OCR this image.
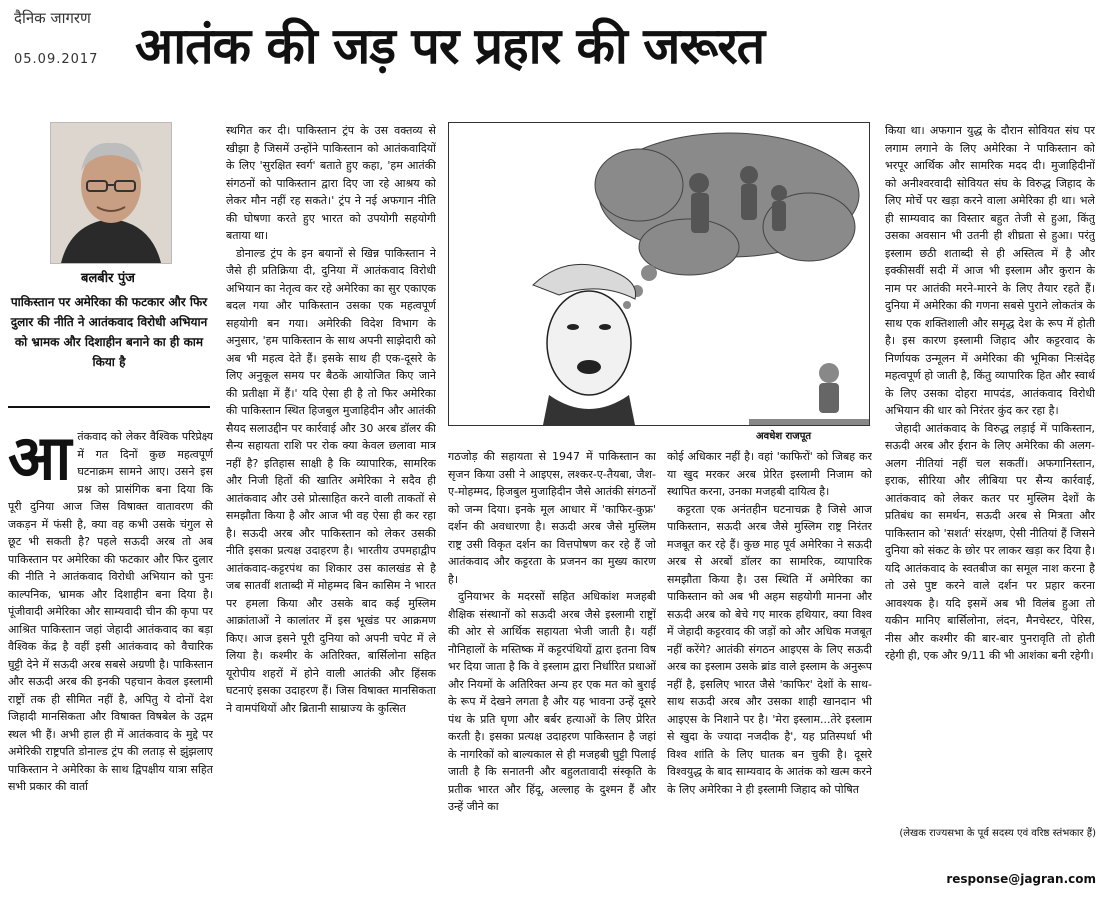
दैनिक जागरण
05.09.2017 आतंक की जड़ पर प्रहार की जरूरत
बलबीर पुंज
पाकिस्तान पर अमेरिका की फटकार और फिर दुलार की नीति ने आतंकवाद विरोधी अभियान को भ्रामक और दिशाहीन बनाने का ही काम किया है
आ तंकवाद को लेकर वैश्विक परिप्रेक्ष्य में गत दिनों कुछ महत्वपूर्ण घटनाक्रम सामने आए। उसने इस प्रश्न को प्रासंगिक बना दिया कि पूरी दुनिया आज जिस विषाक्त वातावरण की जकड़न में फंसी है, क्या वह कभी उसके चंगुल से छूट भी सकती है? पहले सऊदी अरब तो अब पाकिस्तान पर अमेरिका की फटकार और फिर दुलार की नीति ने आतंकवाद विरोधी अभियान को पुनः काल्पनिक, भ्रामक और दिशाहीन बना दिया है। पूंजीवादी अमेरिका और साम्यवादी चीन की कृपा पर आश्रित पाकिस्तान जहां जेहादी आतंकवाद का बड़ा वैश्विक केंद्र है वहीं इसी आतंकवाद को वैचारिक घुट्टी देने में सऊदी अरब सबसे अग्रणी है। पाकिस्तान और सऊदी अरब की इनकी पहचान केवल इस्लामी राष्ट्रों तक ही सीमित नहीं है, अपितु ये दोनों देश जिहादी मानसिकता और विषाक्त विषबेल के उद्गम स्थल भी हैं। अभी हाल ही में आतंकवाद के मुद्दे पर अमेरिकी राष्ट्रपति डोनाल्ड ट्रंप की लताड़ से झुंझलाए पाकिस्तान ने अमेरिका के साथ द्विपक्षीय यात्रा सहित सभी प्रकार की वार्ता

स्थगित कर दी। पाकिस्तान ट्रंप के उस वक्तव्य से खीझा है जिसमें उन्होंने पाकिस्तान को आतंकवादियों के लिए 'सुरक्षित स्वर्ग' बताते हुए कहा, 'हम आतंकी संगठनों को पाकिस्तान द्वारा दिए जा रहे आश्रय को लेकर मौन नहीं रह सकते।' ट्रंप ने नई अफगान नीति की घोषणा करते हुए भारत को उपयोगी सहयोगी बताया था।

डोनाल्ड ट्रंप के इन बयानों से खिन्न पाकिस्तान ने जैसे ही प्रतिक्रिया दी, दुनिया में आतंकवाद विरोधी अभियान का नेतृत्व कर रहे अमेरिका का सुर एकाएक बदल गया और पाकिस्तान उसका एक महत्वपूर्ण सहयोगी बन गया। अमेरिकी विदेश विभाग के अनुसार, 'हम पाकिस्तान के साथ अपनी साझेदारी को अब भी महत्व देते हैं। इसके साथ ही एक-दूसरे के लिए अनुकूल समय पर बैठकें आयोजित किए जाने की प्रतीक्षा में हैं।' यदि ऐसा ही है तो फिर अमेरिका की पाकिस्तान स्थित हिजबुल मुजाहिदीन और आतंकी सैयद सलाउद्दीन पर कार्रवाई और 30 अरब डॉलर की सैन्य सहायता राशि पर रोक क्या केवल छलावा मात्र नहीं है? इतिहास साक्षी है कि व्यापारिक, सामरिक और निजी हितों की खातिर अमेरिका ने सदैव ही आतंकवाद और उसे प्रोत्साहित करने वाली ताकतों से समझौता किया है और आज भी वह ऐसा ही कर रहा है। सऊदी अरब और पाकिस्तान को लेकर उसकी नीति इसका प्रत्यक्ष उदाहरण है। भारतीय उपमहाद्वीप आतंकवाद-कट्टरपंथ का शिकार उस कालखंड से है जब सातवीं शताब्दी में मोहम्मद बिन कासिम ने भारत पर हमला किया और उसके बाद कई मुस्लिम आक्रांताओं ने कालांतर में इस भूखंड पर आक्रमण किए। आज इसने पूरी दुनिया को अपनी चपेट में ले लिया है। कश्मीर के अतिरिक्त, बार्सिलोना सहित यूरोपीय शहरों में होने वाली आतंकी और हिंसक घटनाएं इसका उदाहरण हैं। जिस विषाक्त मानसिकता ने वामपंथियों और ब्रितानी साम्राज्य के कुत्सित

अवधेश राजपूत

गठजोड़ की सहायता से 1947 में पाकिस्तान का सृजन किया उसी ने आइएस, लश्कर-ए-तैयबा, जैश-ए-मोहम्मद, हिजबुल मुजाहिदीन जैसे आतंकी संगठनों को जन्म दिया। इनके मूल आधार में 'काफिर-कुफ्र' दर्शन की अवधारणा है। सऊदी अरब जैसे मुस्लिम राष्ट्र उसी विकृत दर्शन का वित्तपोषण कर रहे हैं जो आतंकवाद और कट्टरता के प्रजनन का मुख्य कारण है।

दुनियाभर के मदरसों सहित अधिकांश मजहबी शैक्षिक संस्थानों को सऊदी अरब जैसे इस्लामी राष्ट्रों की ओर से आर्थिक सहायता भेजी जाती है। यहीं नौनिहालों के मस्तिष्क में कट्टरपंथियों द्वारा इतना विष भर दिया जाता है कि वे इस्लाम द्वारा निर्धारित प्रथाओं और नियमों के अतिरिक्त अन्य हर एक मत को बुराई के रूप में देखने लगता है और यह भावना उन्हें दूसरे पंथ के प्रति घृणा और बर्बर हत्याओं के लिए प्रेरित करती है। इसका प्रत्यक्ष उदाहरण पाकिस्तान है जहां के नागरिकों को बाल्यकाल से ही मजहबी घुट्टी पिलाई जाती है कि सनातनी और बहुलतावादी संस्कृति के प्रतीक भारत और हिंदू, अल्लाह के दुश्मन हैं और उन्हें जीने का

कोई अधिकार नहीं है। वहां 'काफिरों' को जिबह कर या खुद मरकर अरब प्रेरित इस्लामी निजाम को स्थापित करना, उनका मजहबी दायित्व है।

कट्टरता एक अनंतहीन घटनाचक्र है जिसे आज पाकिस्तान, सऊदी अरब जैसे मुस्लिम राष्ट्र निरंतर मजबूत कर रहे हैं। कुछ माह पूर्व अमेरिका ने सऊदी अरब से अरबों डॉलर का सामरिक, व्यापारिक समझौता किया है। उस स्थिति में अमेरिका का पाकिस्तान को अब भी अहम सहयोगी मानना और सऊदी अरब को बेचे गए मारक हथियार, क्या विश्व में जेहादी कट्टरवाद की जड़ों को और अधिक मजबूत नहीं करेंगे? आतंकी संगठन आइएस के लिए सऊदी अरब का इस्लाम उसके ब्रांड वाले इस्लाम के अनुरूप नहीं है, इसलिए भारत जैसे 'काफिर' देशों के साथ-साथ सऊदी अरब और उसका शाही खानदान भी आइएस के निशाने पर है। 'मेरा इस्लाम...तेरे इस्लाम से खुदा के ज्यादा नजदीक है', यह प्रतिस्पर्धा भी विश्व शांति के लिए घातक बन चुकी है। दूसरे विश्वयुद्ध के बाद साम्यवाद के आतंक को खत्म करने के लिए अमेरिका ने ही इस्लामी जिहाद को पोषित

किया था। अफगान युद्ध के दौरान सोवियत संघ पर लगाम लगाने के लिए अमेरिका ने पाकिस्तान को भरपूर आर्थिक और सामरिक मदद दी। मुजाहिदीनों को अनीश्वरवादी सोवियत संघ के विरुद्ध जिहाद के लिए मोर्चे पर खड़ा करने वाला अमेरिका ही था। भले ही साम्यवाद का विस्तार बहुत तेजी से हुआ, किंतु उसका अवसान भी उतनी ही शीघ्रता से हुआ। परंतु इस्लाम छठी शताब्दी से ही अस्तित्व में है और इक्कीसवीं सदी में आज भी इस्लाम और कुरान के नाम पर आतंकी मरने-मारने के लिए तैयार रहते हैं। दुनिया में अमेरिका की गणना सबसे पुराने लोकतंत्र के साथ एक शक्तिशाली और समृद्ध देश के रूप में होती है। इस कारण इस्लामी जिहाद और कट्टरवाद के निर्णायक उन्मूलन में अमेरिका की भूमिका निःसंदेह महत्वपूर्ण हो जाती है, किंतु व्यापारिक हित और स्वार्थ के लिए उसका दोहरा मापदंड, आतंकवाद विरोधी अभियान की धार को निरंतर कुंद कर रहा है।

जेहादी आतंकवाद के विरुद्ध लड़ाई में पाकिस्तान, सऊदी अरब और ईरान के लिए अमेरिका की अलग-अलग नीतियां नहीं चल सकतीं। अफगानिस्तान, इराक, सीरिया और लीबिया पर सैन्य कार्रवाई, आतंकवाद को लेकर कतर पर मुस्लिम देशों के प्रतिबंध का समर्थन, सऊदी अरब से मित्रता और पाकिस्तान को 'सशर्त' संरक्षण, ऐसी नीतियां हैं जिसने दुनिया को संकट के छोर पर लाकर खड़ा कर दिया है। यदि आतंकवाद के स्वतबीज का समूल नाश करना है तो उसे पुष्ट करने वाले दर्शन पर प्रहार करना आवश्यक है। यदि इसमें अब भी विलंब हुआ तो यकीन मानिए बार्सिलोना, लंदन, मैनचेस्टर, पेरिस, नीस और कश्मीर की बार-बार पुनरावृति तो होती रहेगी ही, एक और 9/11 की भी आशंका बनी रहेगी।

(लेखक राज्यसभा के पूर्व सदस्य एवं वरिष्ठ स्तंभकार हैं)
response@jagran.com
